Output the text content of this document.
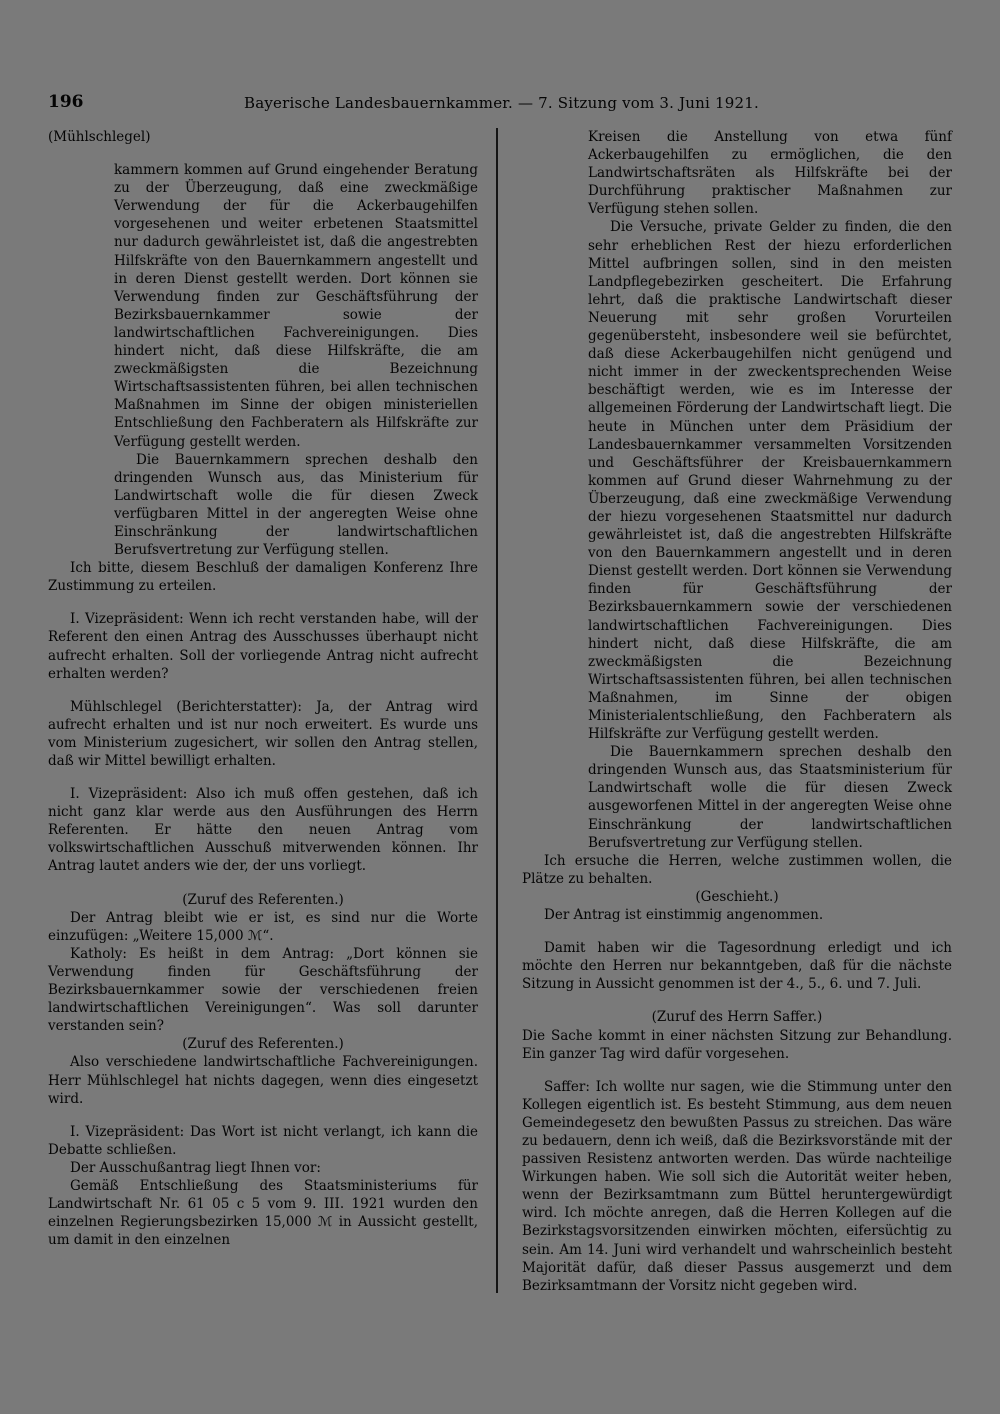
196	Bayerische Landesbauernkammer. — 7. Sitzung vom 3. Juni 1921.

(Mühlschlegel)

kammern kommen auf Grund eingehender Beratung zu der Überzeugung, daß eine zweckmäßige Verwendung der für die Ackerbaugehilfen vorgesehenen und weiter erbetenen Staatsmittel nur dadurch gewährleistet ist, daß die angestrebten Hilfskräfte von den Bauernkammern angestellt und in deren Dienst gestellt werden. Dort können sie Verwendung finden zur Geschäftsführung der Bezirksbauernkammer sowie der landwirtschaftlichen Fachvereinigungen. Dies hindert nicht, daß diese Hilfskräfte, die am zweckmäßigsten die Bezeichnung Wirtschaftsassistenten führen, bei allen technischen Maßnahmen im Sinne der obigen ministeriellen Entschließung den Fachberatern als Hilfskräfte zur Verfügung gestellt werden.

Die Bauernkammern sprechen deshalb den dringenden Wunsch aus, das Ministerium für Landwirtschaft wolle die für diesen Zweck verfügbaren Mittel in der angeregten Weise ohne Einschränkung der landwirtschaftlichen Berufsvertretung zur Verfügung stellen.

Ich bitte, diesem Beschluß der damaligen Konferenz Ihre Zustimmung zu erteilen.

I. Vizepräsident: Wenn ich recht verstanden habe, will der Referent den einen Antrag des Ausschusses überhaupt nicht aufrecht erhalten. Soll der vorliegende Antrag nicht aufrecht erhalten werden?

Mühlschlegel (Berichterstatter): Ja, der Antrag wird aufrecht erhalten und ist nur noch erweitert. Es wurde uns vom Ministerium zugesichert, wir sollen den Antrag stellen, daß wir Mittel bewilligt erhalten.

I. Vizepräsident: Also ich muß offen gestehen, daß ich nicht ganz klar werde aus den Ausführungen des Herrn Referenten. Er hätte den neuen Antrag vom volkswirtschaftlichen Ausschuß mitverwenden können. Ihr Antrag lautet anders wie der, der uns vorliegt.

(Zuruf des Referenten.)

Der Antrag bleibt wie er ist, es sind nur die Worte einzufügen: „Weitere 15,000 ℳ“.

Katholy: Es heißt in dem Antrag: „Dort können sie Verwendung finden für Geschäftsführung der Bezirksbauernkammer sowie der verschiedenen freien landwirtschaftlichen Vereinigungen“. Was soll darunter verstanden sein?

(Zuruf des Referenten.)

Also verschiedene landwirtschaftliche Fachvereinigungen. Herr Mühlschlegel hat nichts dagegen, wenn dies eingesetzt wird.

I. Vizepräsident: Das Wort ist nicht verlangt, ich kann die Debatte schließen.

Der Ausschußantrag liegt Ihnen vor:

Gemäß Entschließung des Staatsministeriums für Landwirtschaft Nr. 61 05 c 5 vom 9. III. 1921 wurden den einzelnen Regierungsbezirken 15,000 ℳ in Aussicht gestellt, um damit in den einzelnen

Kreisen die Anstellung von etwa fünf Ackerbaugehilfen zu ermöglichen, die den Landwirtschaftsräten als Hilfskräfte bei der Durchführung praktischer Maßnahmen zur Verfügung stehen sollen.

Die Versuche, private Gelder zu finden, die den sehr erheblichen Rest der hiezu erforderlichen Mittel aufbringen sollen, sind in den meisten Landpflegebezirken gescheitert. Die Erfahrung lehrt, daß die praktische Landwirtschaft dieser Neuerung mit sehr großen Vorurteilen gegenübersteht, insbesondere weil sie befürchtet, daß diese Ackerbaugehilfen nicht genügend und nicht immer in der zweckentsprechenden Weise beschäftigt werden, wie es im Interesse der allgemeinen Förderung der Landwirtschaft liegt. Die heute in München unter dem Präsidium der Landesbauernkammer versammelten Vorsitzenden und Geschäftsführer der Kreisbauernkammern kommen auf Grund dieser Wahrnehmung zu der Überzeugung, daß eine zweckmäßige Verwendung der hiezu vorgesehenen Staatsmittel nur dadurch gewährleistet ist, daß die angestrebten Hilfskräfte von den Bauernkammern angestellt und in deren Dienst gestellt werden. Dort können sie Verwendung finden für Geschäftsführung der Bezirksbauernkammern sowie der verschiedenen landwirtschaftlichen Fachvereinigungen. Dies hindert nicht, daß diese Hilfskräfte, die am zweckmäßigsten die Bezeichnung Wirtschaftsassistenten führen, bei allen technischen Maßnahmen, im Sinne der obigen Ministerialentschließung, den Fachberatern als Hilfskräfte zur Verfügung gestellt werden.

Die Bauernkammern sprechen deshalb den dringenden Wunsch aus, das Staatsministerium für Landwirtschaft wolle die für diesen Zweck ausgeworfenen Mittel in der angeregten Weise ohne Einschränkung der landwirtschaftlichen Berufsvertretung zur Verfügung stellen.

Ich ersuche die Herren, welche zustimmen wollen, die Plätze zu behalten.

(Geschieht.)

Der Antrag ist einstimmig angenommen.

Damit haben wir die Tagesordnung erledigt und ich möchte den Herren nur bekanntgeben, daß für die nächste Sitzung in Aussicht genommen ist der 4., 5., 6. und 7. Juli.

(Zuruf des Herrn Saffer.)

Die Sache kommt in einer nächsten Sitzung zur Behandlung. Ein ganzer Tag wird dafür vorgesehen.

Saffer: Ich wollte nur sagen, wie die Stimmung unter den Kollegen eigentlich ist. Es besteht Stimmung, aus dem neuen Gemeindegesetz den bewußten Passus zu streichen. Das wäre zu bedauern, denn ich weiß, daß die Bezirksvorstände mit der passiven Resistenz antworten werden. Das würde nachteilige Wirkungen haben. Wie soll sich die Autorität weiter heben, wenn der Bezirksamtmann zum Büttel heruntergewürdigt wird. Ich möchte anregen, daß die Herren Kollegen auf die Bezirkstagsvorsitzenden einwirken möchten, eifersüchtig zu sein. Am 14. Juni wird verhandelt und wahrscheinlich besteht Majorität dafür, daß dieser Passus ausgemerzt und dem Bezirksamtmann der Vorsitz nicht gegeben wird.
